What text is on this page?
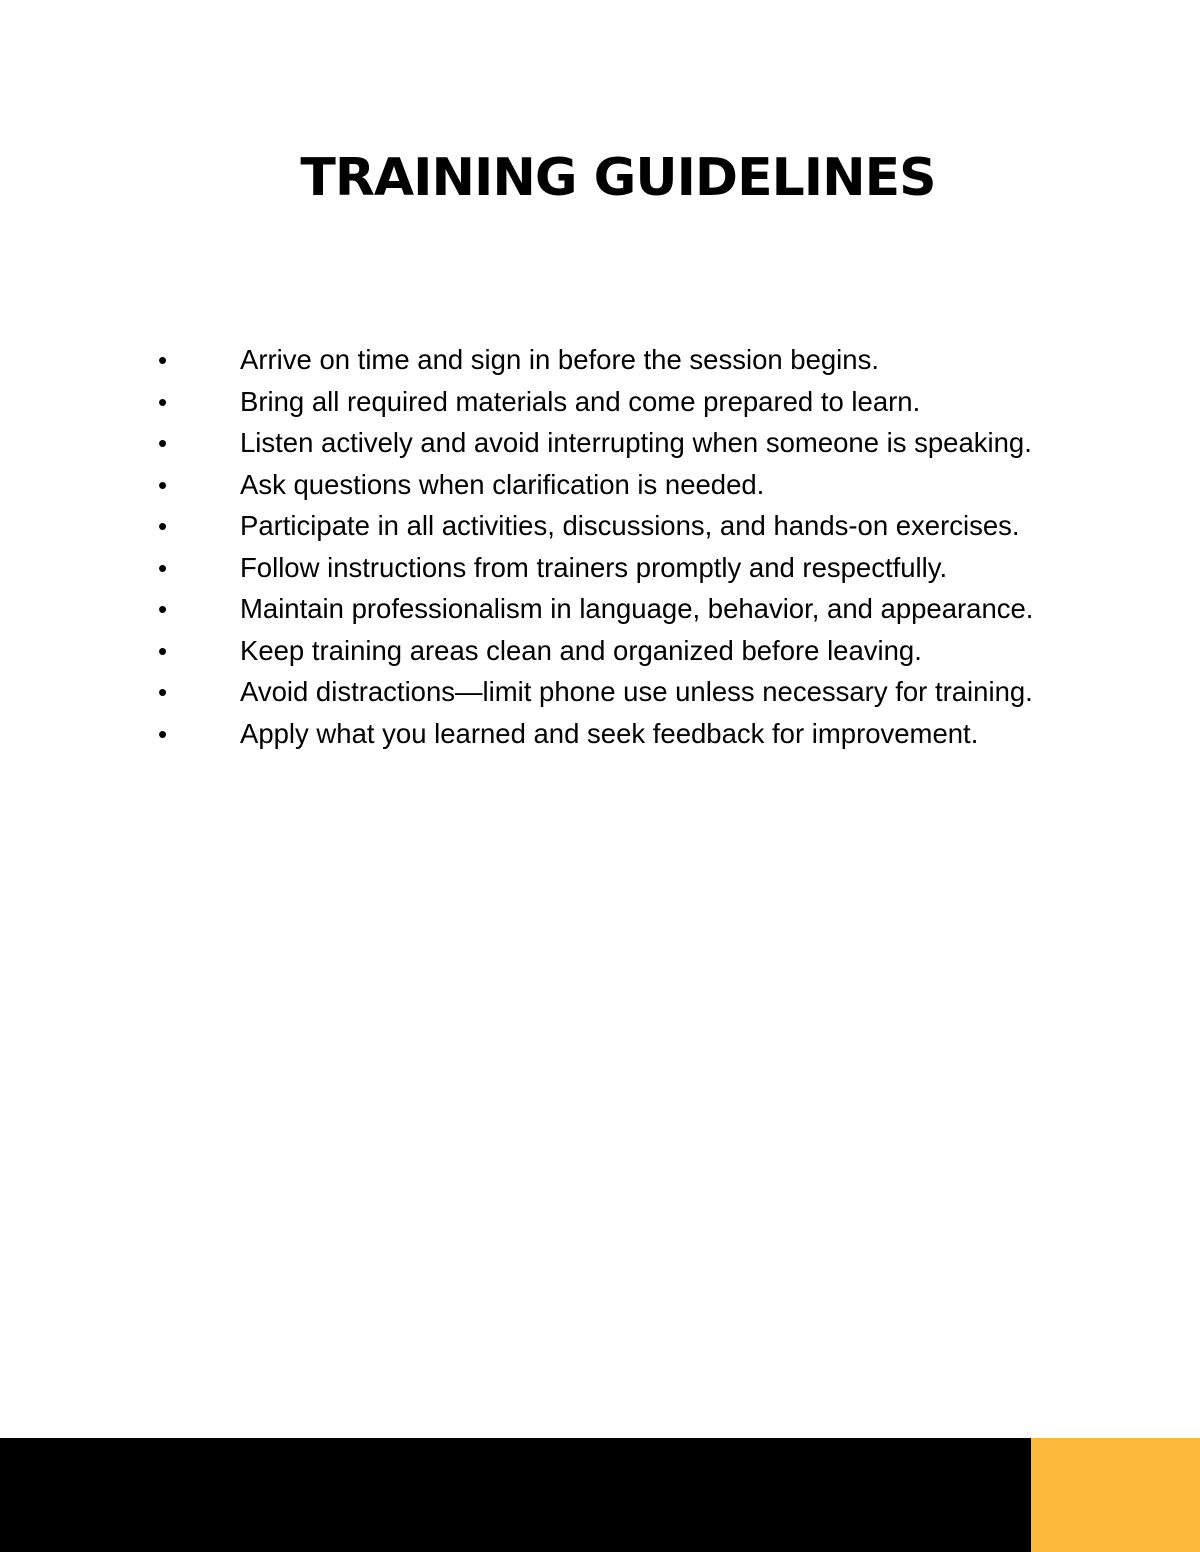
TRAINING GUIDELINES
•	Arrive on time and sign in before the session begins.
•	Bring all required materials and come prepared to learn.
•	Listen actively and avoid interrupting when someone is speaking.
•	Ask questions when clarification is needed.
•	Participate in all activities, discussions, and hands-on exercises.
•	Follow instructions from trainers promptly and respectfully.
•	Maintain professionalism in language, behavior, and appearance.
•	Keep training areas clean and organized before leaving.
•	Avoid distractions—limit phone use unless necessary for training.
•	Apply what you learned and seek feedback for improvement.
